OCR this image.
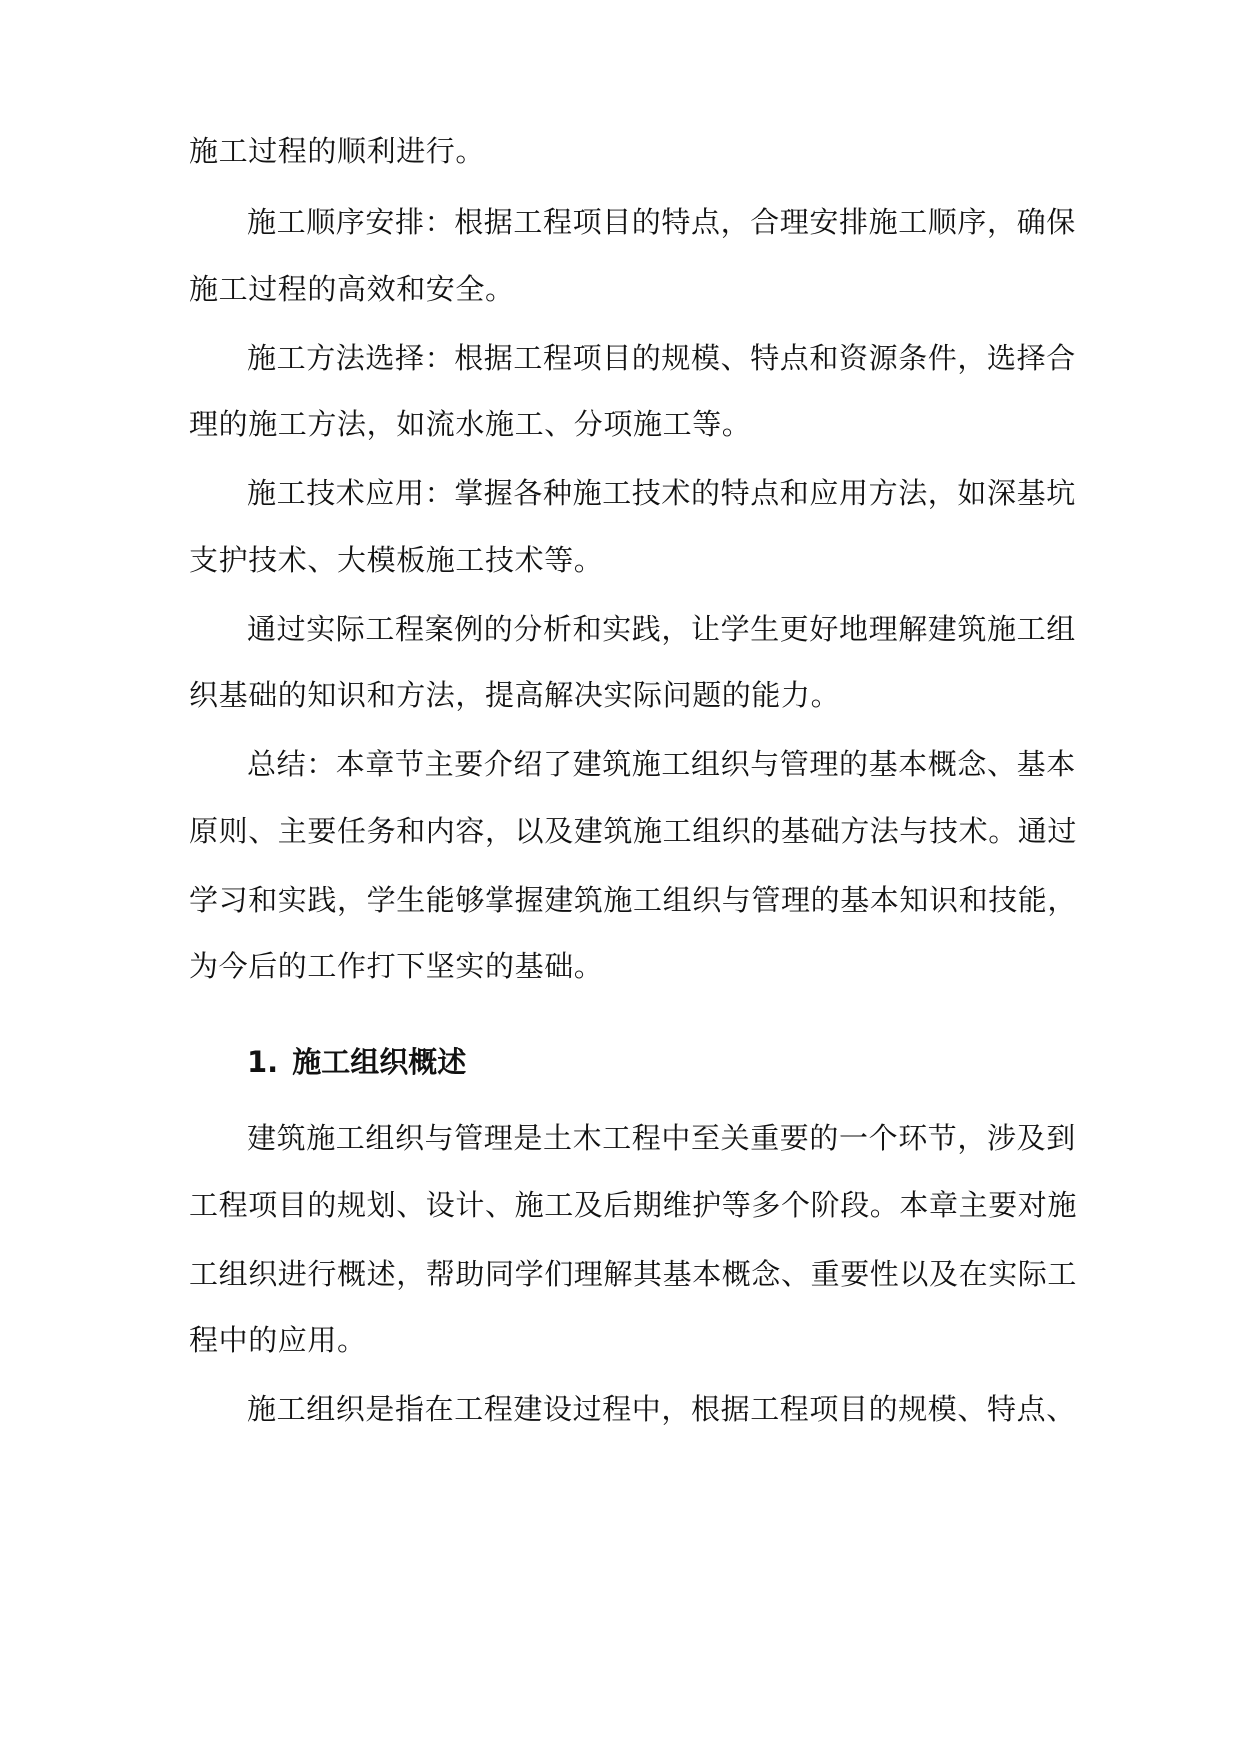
施工过程的顺利进行。
施工顺序安排：根据工程项目的特点，合理安排施工顺序，确保
施工过程的高效和安全。
施工方法选择：根据工程项目的规模、特点和资源条件，选择合
理的施工方法，如流水施工、分项施工等。
施工技术应用：掌握各种施工技术的特点和应用方法，如深基坑
支护技术、大模板施工技术等。
通过实际工程案例的分析和实践，让学生更好地理解建筑施工组
织基础的知识和方法，提高解决实际问题的能力。
总结：本章节主要介绍了建筑施工组织与管理的基本概念、基本
原则、主要任务和内容，以及建筑施工组织的基础方法与技术。通过
学习和实践，学生能够掌握建筑施工组织与管理的基本知识和技能，
为今后的工作打下坚实的基础。
1. 施工组织概述
建筑施工组织与管理是土木工程中至关重要的一个环节，涉及到
工程项目的规划、设计、施工及后期维护等多个阶段。本章主要对施
工组织进行概述，帮助同学们理解其基本概念、重要性以及在实际工
程中的应用。
施工组织是指在工程建设过程中，根据工程项目的规模、特点、
